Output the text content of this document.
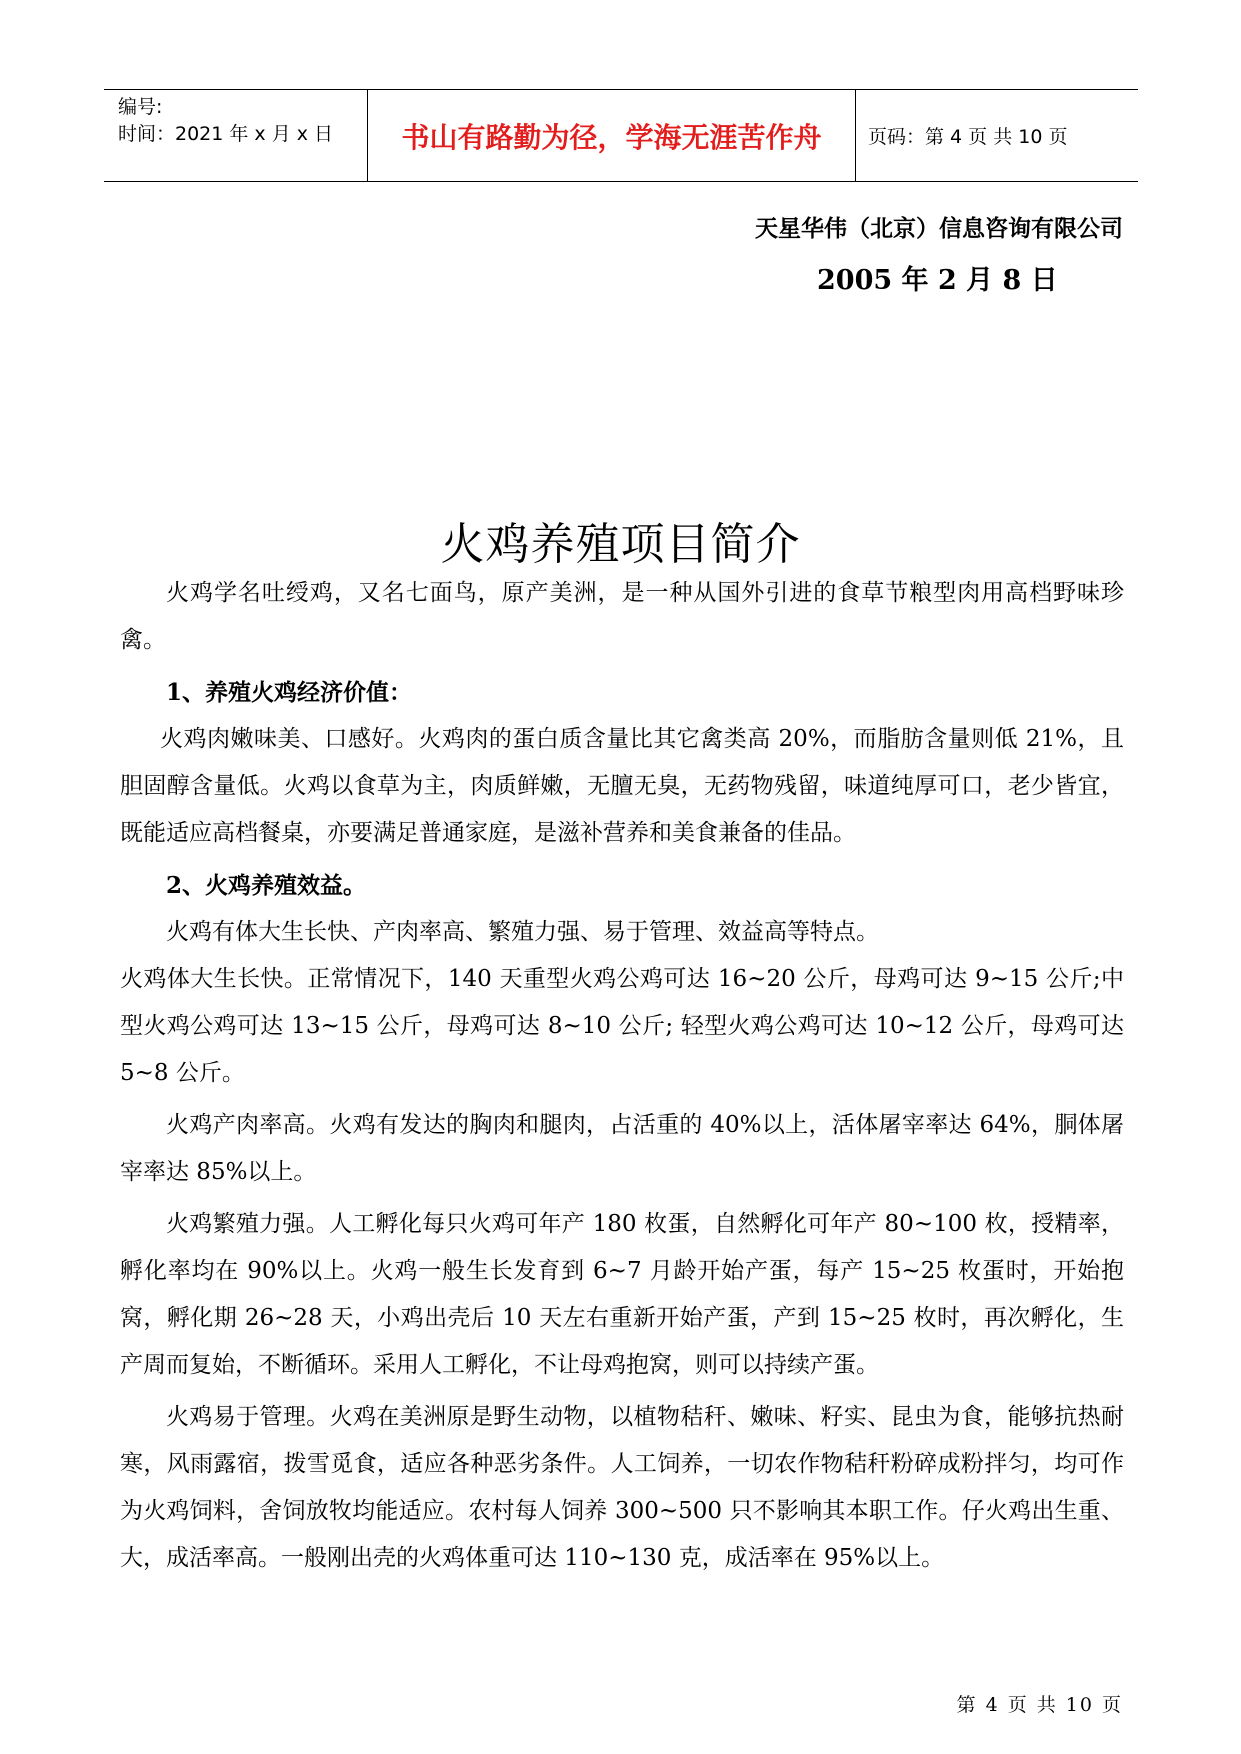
编号:
时间：2021 年 x 月 x 日	书山有路勤为径，学海无涯苦作舟	页码：第 4 页 共 10 页
天星华伟（北京）信息咨询有限公司
2005 年 2 月 8 日
火鸡养殖项目简介

火鸡学名吐绶鸡，又名七面鸟，原产美洲，是一种从国外引进的食草节粮型肉用高档野味珍禽。

1、养殖火鸡经济价值：

火鸡肉嫩味美、口感好。火鸡肉的蛋白质含量比其它禽类高 20%，而脂肪含量则低 21%，且胆固醇含量低。火鸡以食草为主，肉质鲜嫩，无膻无臭，无药物残留，味道纯厚可口，老少皆宜，既能适应高档餐桌，亦要满足普通家庭，是滋补营养和美食兼备的佳品。

2、火鸡养殖效益。

火鸡有体大生长快、产肉率高、繁殖力强、易于管理、效益高等特点。

火鸡体大生长快。正常情况下，140 天重型火鸡公鸡可达 16~20 公斤，母鸡可达 9~15 公斤;中型火鸡公鸡可达 13~15 公斤，母鸡可达 8~10 公斤; 轻型火鸡公鸡可达 10~12 公斤，母鸡可达 5~8 公斤。

火鸡产肉率高。火鸡有发达的胸肉和腿肉，占活重的 40%以上，活体屠宰率达 64%，胴体屠宰率达 85%以上。

火鸡繁殖力强。人工孵化每只火鸡可年产 180 枚蛋，自然孵化可年产 80~100 枚，授精率，孵化率均在 90%以上。火鸡一般生长发育到 6~7 月龄开始产蛋，每产 15~25 枚蛋时，开始抱窝，孵化期 26~28 天，小鸡出壳后 10 天左右重新开始产蛋，产到 15~25 枚时，再次孵化，生产周而复始，不断循环。采用人工孵化，不让母鸡抱窝，则可以持续产蛋。

火鸡易于管理。火鸡在美洲原是野生动物，以植物秸秆、嫩味、籽实、昆虫为食，能够抗热耐寒，风雨露宿，拨雪觅食，适应各种恶劣条件。人工饲养，一切农作物秸秆粉碎成粉拌匀，均可作为火鸡饲料，舍饲放牧均能适应。农村每人饲养 300~500 只不影响其本职工作。仔火鸡出生重、大，成活率高。一般刚出壳的火鸡体重可达 110~130 克，成活率在 95%以上。

第 4 页 共 10 页
